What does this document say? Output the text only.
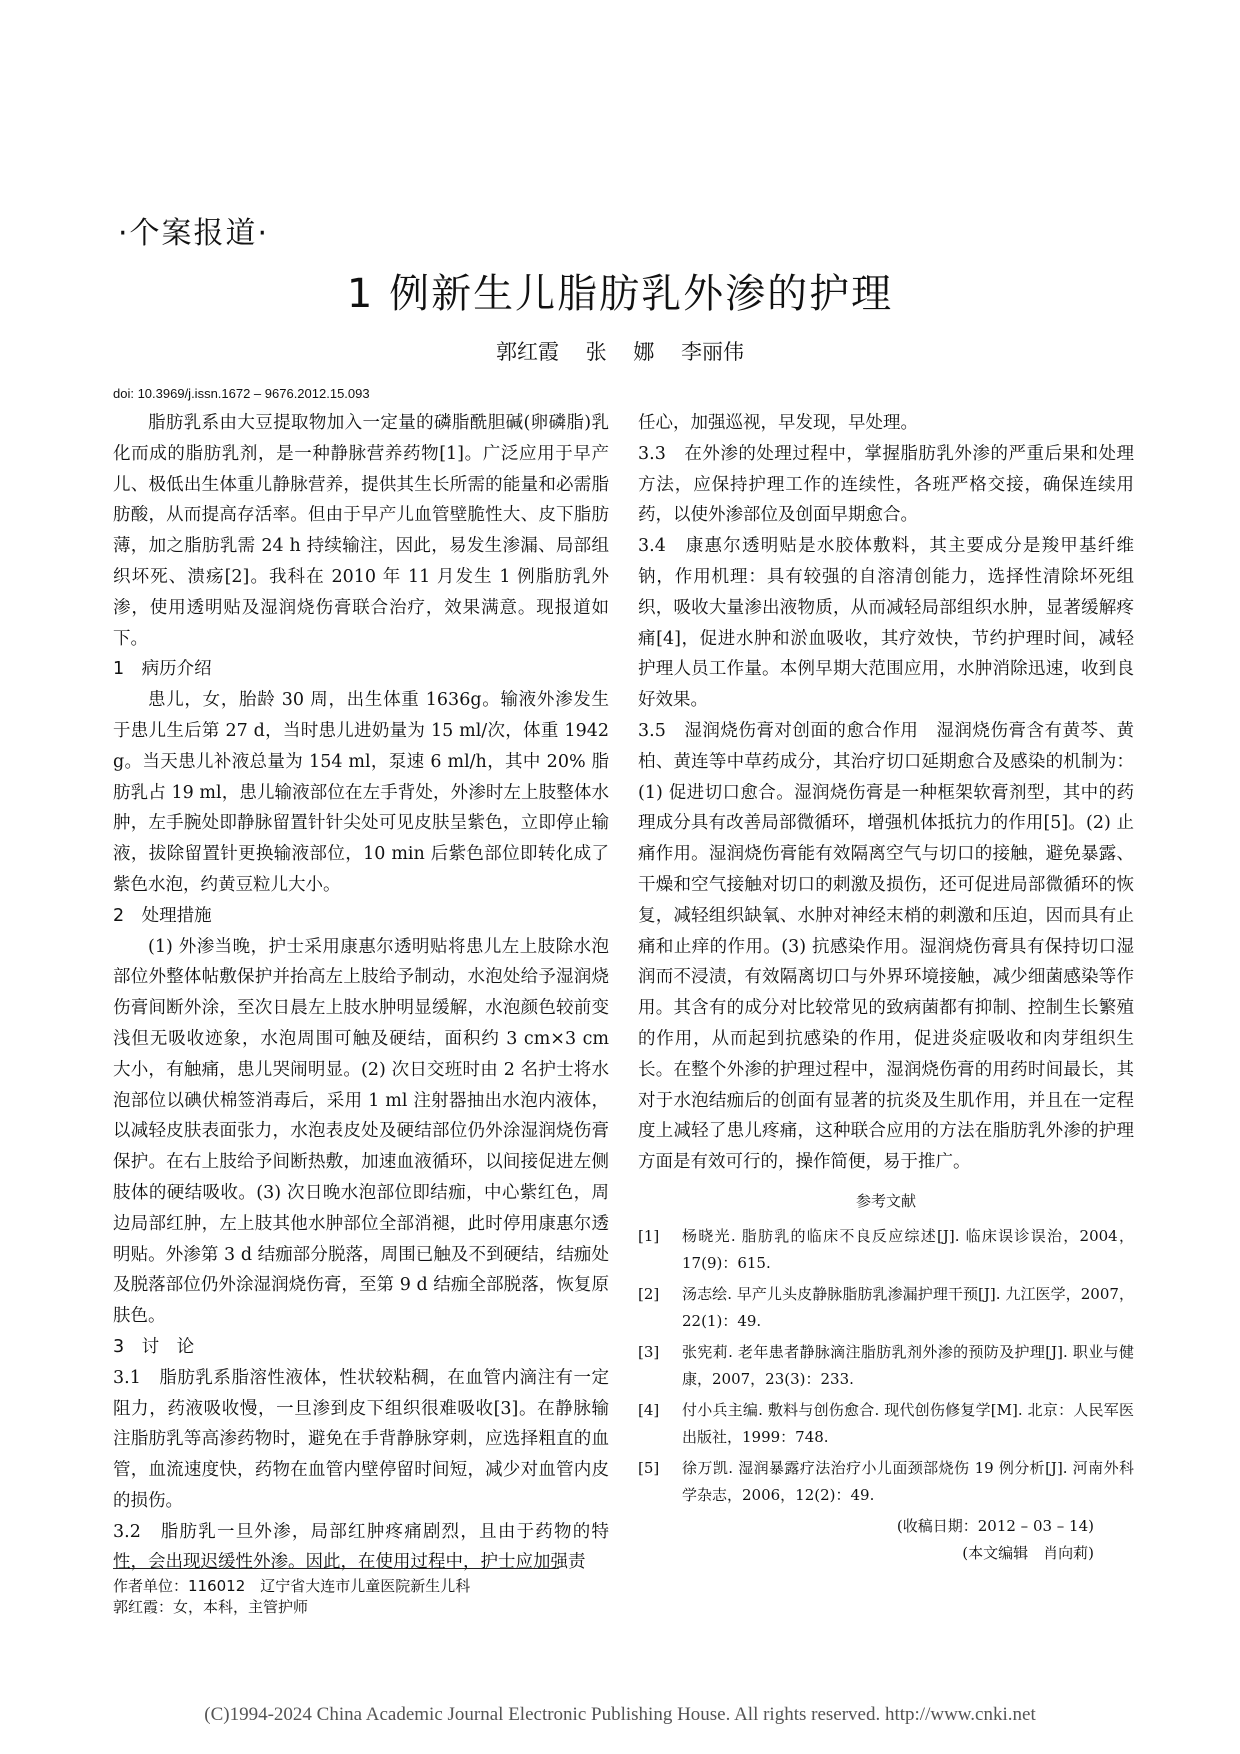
·个案报道·
1 例新生儿脂肪乳外渗的护理
郭红霞 张 娜 李丽伟
doi: 10.3969/j.issn.1672 – 9676.2012.15.093

脂肪乳系由大豆提取物加入一定量的磷脂酰胆碱(卵磷脂)乳化而成的脂肪乳剂，是一种静脉营养药物[1]。广泛应用于早产儿、极低出生体重儿静脉营养，提供其生长所需的能量和必需脂肪酸，从而提高存活率。但由于早产儿血管壁脆性大、皮下脂肪薄，加之脂肪乳需 24 h 持续输注，因此，易发生渗漏、局部组织坏死、溃疡[2]。我科在 2010 年 11 月发生 1 例脂肪乳外渗，使用透明贴及湿润烧伤膏联合治疗，效果满意。现报道如下。

1　病历介绍

患儿，女，胎龄 30 周，出生体重 1636g。输液外渗发生于患儿生后第 27 d，当时患儿进奶量为 15 ml/次，体重 1942 g。当天患儿补液总量为 154 ml，泵速 6 ml/h，其中 20% 脂肪乳占 19 ml，患儿输液部位在左手背处，外渗时左上肢整体水肿，左手腕处即静脉留置针针尖处可见皮肤呈紫色，立即停止输液，拔除留置针更换输液部位，10 min 后紫色部位即转化成了紫色水泡，约黄豆粒儿大小。

2　处理措施

(1) 外渗当晚，护士采用康惠尔透明贴将患儿左上肢除水泡部位外整体帖敷保护并抬高左上肢给予制动，水泡处给予湿润烧伤膏间断外涂，至次日晨左上肢水肿明显缓解，水泡颜色较前变浅但无吸收迹象，水泡周围可触及硬结，面积约 3 cm×3 cm 大小，有触痛，患儿哭闹明显。(2) 次日交班时由 2 名护士将水泡部位以碘伏棉签消毒后，采用 1 ml 注射器抽出水泡内液体，以减轻皮肤表面张力，水泡表皮处及硬结部位仍外涂湿润烧伤膏保护。在右上肢给予间断热敷，加速血液循环，以间接促进左侧肢体的硬结吸收。(3) 次日晚水泡部位即结痂，中心紫红色，周边局部红肿，左上肢其他水肿部位全部消褪，此时停用康惠尔透明贴。外渗第 3 d 结痂部分脱落，周围已触及不到硬结，结痂处及脱落部位仍外涂湿润烧伤膏，至第 9 d 结痂全部脱落，恢复原肤色。

3　讨　论

3.1　脂肪乳系脂溶性液体，性状较粘稠，在血管内滴注有一定阻力，药液吸收慢，一旦渗到皮下组织很难吸收[3]。在静脉输注脂肪乳等高渗药物时，避免在手背静脉穿刺，应选择粗直的血管，血流速度快，药物在血管内壁停留时间短，减少对血管内皮的损伤。

3.2　脂肪乳一旦外渗，局部红肿疼痛剧烈，且由于药物的特性，会出现迟缓性外渗。因此，在使用过程中，护士应加强责

任心，加强巡视，早发现，早处理。

3.3　在外渗的处理过程中，掌握脂肪乳外渗的严重后果和处理方法，应保持护理工作的连续性，各班严格交接，确保连续用药，以使外渗部位及创面早期愈合。

3.4　康惠尔透明贴是水胶体敷料，其主要成分是羧甲基纤维钠，作用机理：具有较强的自溶清创能力，选择性清除坏死组织，吸收大量渗出液物质，从而减轻局部组织水肿，显著缓解疼痛[4]，促进水肿和淤血吸收，其疗效快，节约护理时间，减轻护理人员工作量。本例早期大范围应用，水肿消除迅速，收到良好效果。

3.5　湿润烧伤膏对创面的愈合作用　湿润烧伤膏含有黄芩、黄柏、黄连等中草药成分，其治疗切口延期愈合及感染的机制为：(1) 促进切口愈合。湿润烧伤膏是一种框架软膏剂型，其中的药理成分具有改善局部微循环，增强机体抵抗力的作用[5]。(2) 止痛作用。湿润烧伤膏能有效隔离空气与切口的接触，避免暴露、干燥和空气接触对切口的刺激及损伤，还可促进局部微循环的恢复，减轻组织缺氧、水肿对神经末梢的刺激和压迫，因而具有止痛和止痒的作用。(3) 抗感染作用。湿润烧伤膏具有保持切口湿润而不浸渍，有效隔离切口与外界环境接触，减少细菌感染等作用。其含有的成分对比较常见的致病菌都有抑制、控制生长繁殖的作用，从而起到抗感染的作用，促进炎症吸收和肉芽组织生长。在整个外渗的护理过程中，湿润烧伤膏的用药时间最长，其对于水泡结痂后的创面有显著的抗炎及生肌作用，并且在一定程度上减轻了患儿疼痛，这种联合应用的方法在脂肪乳外渗的护理方面是有效可行的，操作简便，易于推广。

参考文献
[1]	杨晓光. 脂肪乳的临床不良反应综述[J]. 临床误诊误治，2004，17(9)：615.
[2]	汤志绘. 早产儿头皮静脉脂肪乳渗漏护理干预[J]. 九江医学，2007，22(1)：49.
[3]	张宪莉. 老年患者静脉滴注脂肪乳剂外渗的预防及护理[J]. 职业与健康，2007，23(3)：233.
[4]	付小兵主编. 敷料与创伤愈合. 现代创伤修复学[M]. 北京：人民军医出版社，1999：748.
[5]	徐万凯. 湿润暴露疗法治疗小儿面颈部烧伤 19 例分析[J]. 河南外科学杂志，2006，12(2)：49.
(收稿日期：2012 – 03 – 14)
(本文编辑　肖向莉)
作者单位：116012　辽宁省大连市儿童医院新生儿科
郭红霞：女，本科，主管护师
(C)1994-2024 China Academic Journal Electronic Publishing House. All rights reserved. http://www.cnki.net
